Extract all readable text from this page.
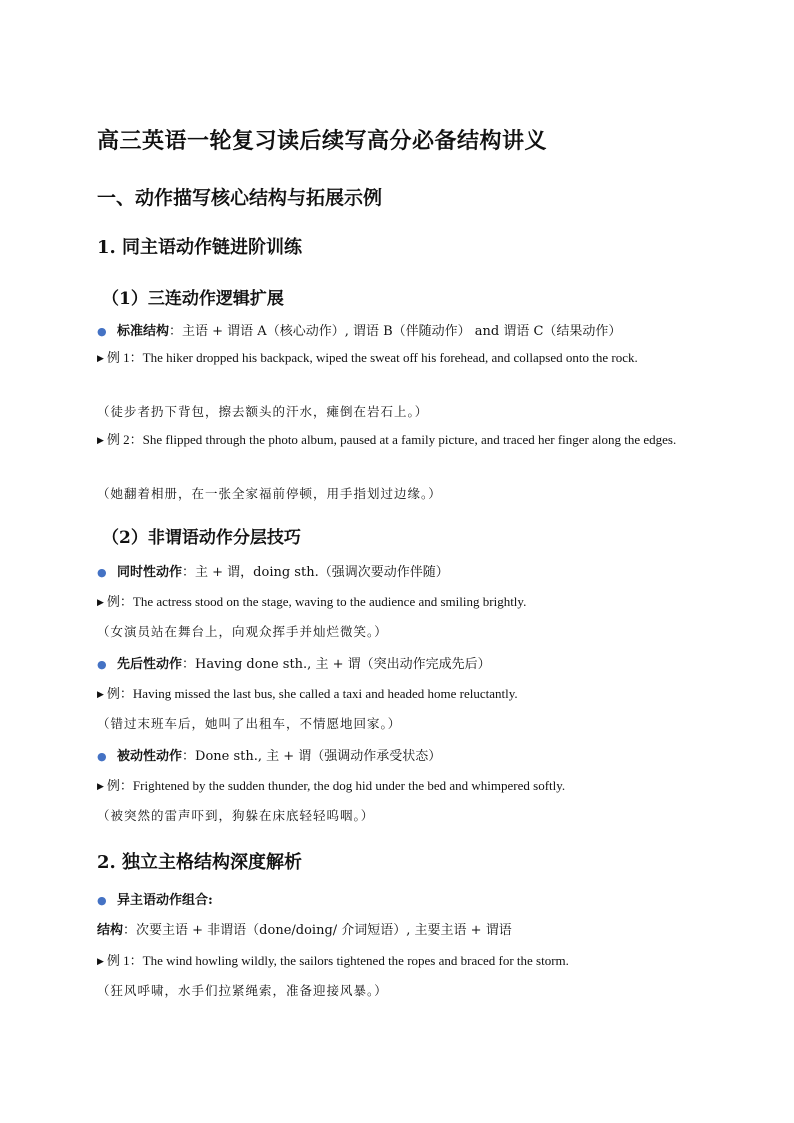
高三英语一轮复习读后续写高分必备结构讲义
一、动作描写核心结构与拓展示例
1. 同主语动作链进阶训练
（1）三连动作逻辑扩展
● 标准结构：主语 + 谓语 A（核心动作）, 谓语 B（伴随动作） and 谓语 C（结果动作）
▶ 例 1：The hiker dropped his backpack, wiped the sweat off his forehead, and collapsed onto the rock.
（徒步者扔下背包，擦去额头的汗水，瘫倒在岩石上。）
▶ 例 2：She flipped through the photo album, paused at a family picture, and traced her finger along the edges.
（她翻着相册，在一张全家福前停顿，用手指划过边缘。）
（2）非谓语动作分层技巧
● 同时性动作：主 + 谓，doing sth.（强调次要动作伴随）
▶ 例：The actress stood on the stage, waving to the audience and smiling brightly.
（女演员站在舞台上，向观众挥手并灿烂微笑。）
● 先后性动作：Having done sth., 主 + 谓（突出动作完成先后）
▶ 例：Having missed the last bus, she called a taxi and headed home reluctantly.
（错过末班车后，她叫了出租车，不情愿地回家。）
● 被动性动作：Done sth., 主 + 谓（强调动作承受状态）
▶ 例：Frightened by the sudden thunder, the dog hid under the bed and whimpered softly.
（被突然的雷声吓到，狗躲在床底轻轻呜咽。）
2. 独立主格结构深度解析
● 异主语动作组合:
结构：次要主语 + 非谓语（done/doing/ 介词短语）, 主要主语 + 谓语
▶ 例 1：The wind howling wildly, the sailors tightened the ropes and braced for the storm.
（狂风呼啸，水手们拉紧绳索，准备迎接风暴。）
